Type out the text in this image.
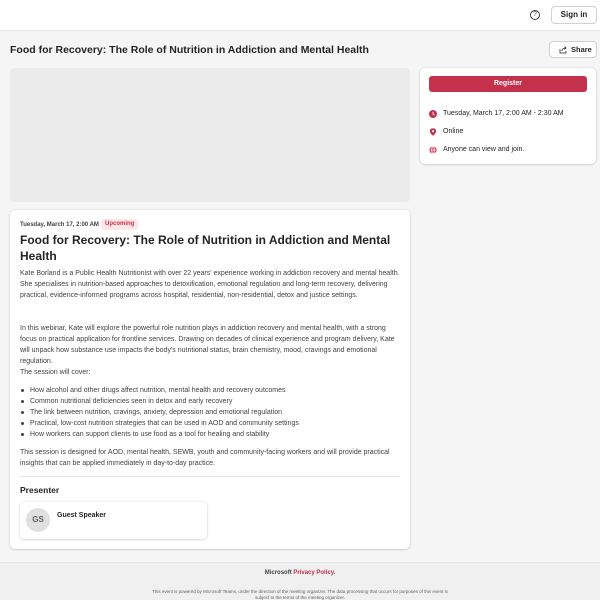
?	Sign in
Food for Recovery: The Role of Nutrition in Addiction and Mental Health	Share
Register
Tuesday, March 17, 2:00 AM - 2:30 AM
Online
Anyone can view and join.
Tuesday, March 17, 2:00 AM	Upcoming
Food for Recovery: The Role of Nutrition in Addiction and Mental Health
Kate Borland is a Public Health Nutritionist with over 22 years' experience working in addiction recovery and mental health. She specialises in nutrition-based approaches to detoxification, emotional regulation and long-term recovery, delivering practical, evidence-informed programs across hospital, residential, non-residential, detox and justice settings.
In this webinar, Kate will explore the powerful role nutrition plays in addiction recovery and mental health, with a strong focus on practical application for frontline services. Drawing on decades of clinical experience and program delivery, Kate will unpack how substance use impacts the body's nutritional status, brain chemistry, mood, cravings and emotional regulation.
The session will cover:
How alcohol and other drugs affect nutrition, mental health and recovery outcomes
Common nutritional deficiencies seen in detox and early recovery
The link between nutrition, cravings, anxiety, depression and emotional regulation
Practical, low-cost nutrition strategies that can be used in AOD and community settings
How workers can support clients to use food as a tool for healing and stability
This session is designed for AOD, mental health, SEWB, youth and community-facing workers and will provide practical insights that can be applied immediately in day-to-day practice.
Presenter
GS	Guest Speaker
Microsoft Privacy Policy.
This event is powered by Microsoft Teams, under the direction of the meeting organizer. The data processing that occurs for purposes of this event is subject to the terms of the meeting organizer.
